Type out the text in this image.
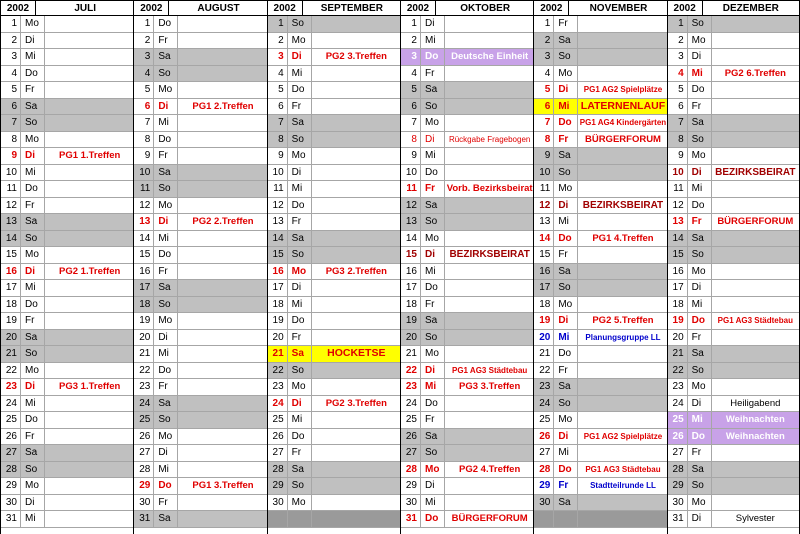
2002	JULI
1 Mo
2 Di
3 Mi
4 Do
5 Fr
6 Sa
7 So
8 Mo
9 Di	PG1 1.Treffen
10 Mi
11 Do
12 Fr
13 Sa
14 So
15 Mo
16 Di	PG2 1.Treffen
17 Mi
18 Do
19 Fr
20 Sa
21 So
22 Mo
23 Di	PG3 1.Treffen
24 Mi
25 Do
26 Fr
27 Sa
28 So
29 Mo
30 Di
31 Mi
2002	AUGUST
1 Do
2 Fr
3 Sa
4 So
5 Mo
6 Di	PG1 2.Treffen
7 Mi
8 Do
9 Fr
10 Sa
11 So
12 Mo
13 Di	PG2 2.Treffen
14 Mi
15 Do
16 Fr
17 Sa
18 So
19 Mo
20 Di
21 Mi
22 Do
23 Fr
24 Sa
25 So
26 Mo
27 Di
28 Mi
29 Do	PG1 3.Treffen
30 Fr
31 Sa
2002	SEPTEMBER
1 So
2 Mo
3 Di	PG2 3.Treffen
4 Mi
5 Do
6 Fr
7 Sa
8 So
9 Mo
10 Di
11 Mi
12 Do
13 Fr
14 Sa
15 So
16 Mo	PG3 2.Treffen
17 Di
18 Mi
19 Do
20 Fr
21 Sa	HOCKETSE
22 So
23 Mo
24 Di	PG2 3.Treffen
25 Mi
26 Do
27 Fr
28 Sa
29 So
30 Mo
2002	OKTOBER
1 Di
2 Mi
3 Do	Deutsche Einheit
4 Fr
5 Sa
6 So
7 Mo
8 Di	Rückgabe Fragebogen
9 Mi
10 Do
11 Fr	Vorb. Bezirksbeirat
12 Sa
13 So
14 Mo
15 Di	BEZIRKSBEIRAT
16 Mi
17 Do
18 Fr
19 Sa
20 So
21 Mo
22 Di	PG1 AG3 Städtebau
23 Mi	PG3 3.Treffen
24 Do
25 Fr
26 Sa
27 So
28 Mo	PG2 4.Treffen
29 Di
30 Mi
31 Do	BÜRGERFORUM
2002	NOVEMBER
1 Fr
2 Sa
3 So
4 Mo
5 Di	PG1 AG2 Spielplätze
6 Mi	LATERNENLAUF
7 Do	PG1 AG4 Kindergärten
8 Fr	BÜRGERFORUM
9 Sa
10 So
11 Mo
12 Di	BEZIRKSBEIRAT
13 Mi
14 Do	PG1 4.Treffen
15 Fr
16 Sa
17 So
18 Mo
19 Di	PG2 5.Treffen
20 Mi	Planungsgruppe LL
21 Do
22 Fr
23 Sa
24 So
25 Mo
26 Di	PG1 AG2 Spielplätze
27 Mi
28 Do	PG1 AG3 Städtebau
29 Fr	Stadtteilrunde LL
30 Sa
2002	DEZEMBER
1 So
2 Mo
3 Di
4 Mi	PG2 6.Treffen
5 Do
6 Fr
7 Sa
8 So
9 Mo
10 Di	BEZIRKSBEIRAT
11 Mi
12 Do
13 Fr	BÜRGERFORUM
14 Sa
15 So
16 Mo
17 Di
18 Mi
19 Do	PG1 AG3 Städtebau
20 Fr
21 Sa
22 So
23 Mo
24 Di	Heiligabend
25 Mi	Weihnachten
26 Do	Weihnachten
27 Fr
28 Sa
29 So
30 Mo
31 Di	Sylvester
